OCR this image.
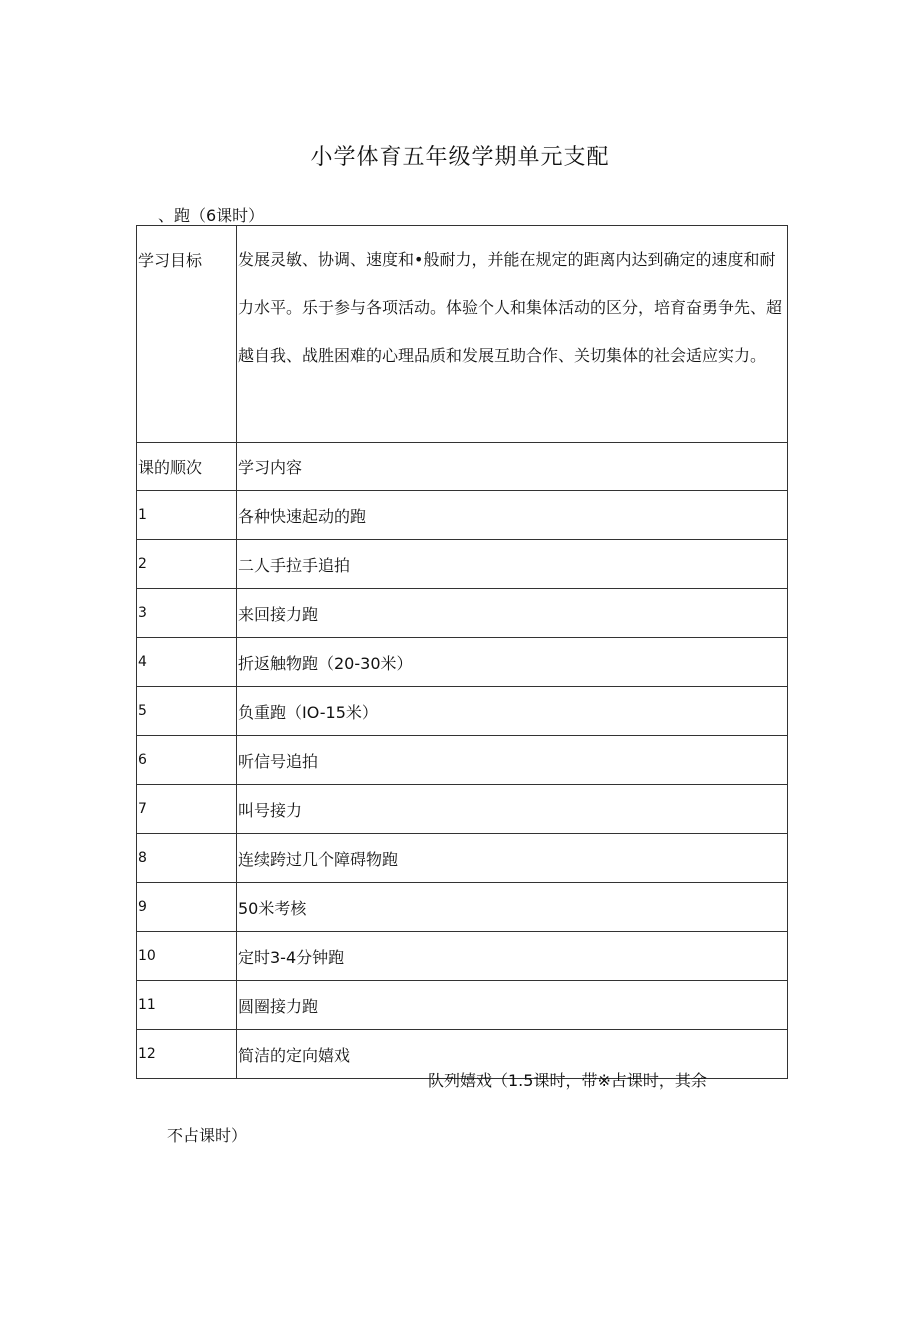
小学体育五年级学期单元支配
、跑（6课时）
学习目标	发展灵敏、协调、速度和•般耐力，并能在规定的距离内达到确定的速度和耐力水平。乐于参与各项活动。体验个人和集体活动的区分，培育奋勇争先、超越自我、战胜困难的心理品质和发展互助合作、关切集体的社会适应实力。
课的顺次	学习内容
1	各种快速起动的跑
2	二人手拉手追拍
3	来回接力跑
4	折返触物跑（20-30米）
5	负重跑（IO-15米）
6	听信号追拍
7	叫号接力
8	连续跨过几个障碍物跑
9	50米考核
10	定时3-4分钟跑
11	圆圈接力跑
12	简洁的定向嬉戏
队列嬉戏（1.5课时，带※占课时，其余
不占课时）
